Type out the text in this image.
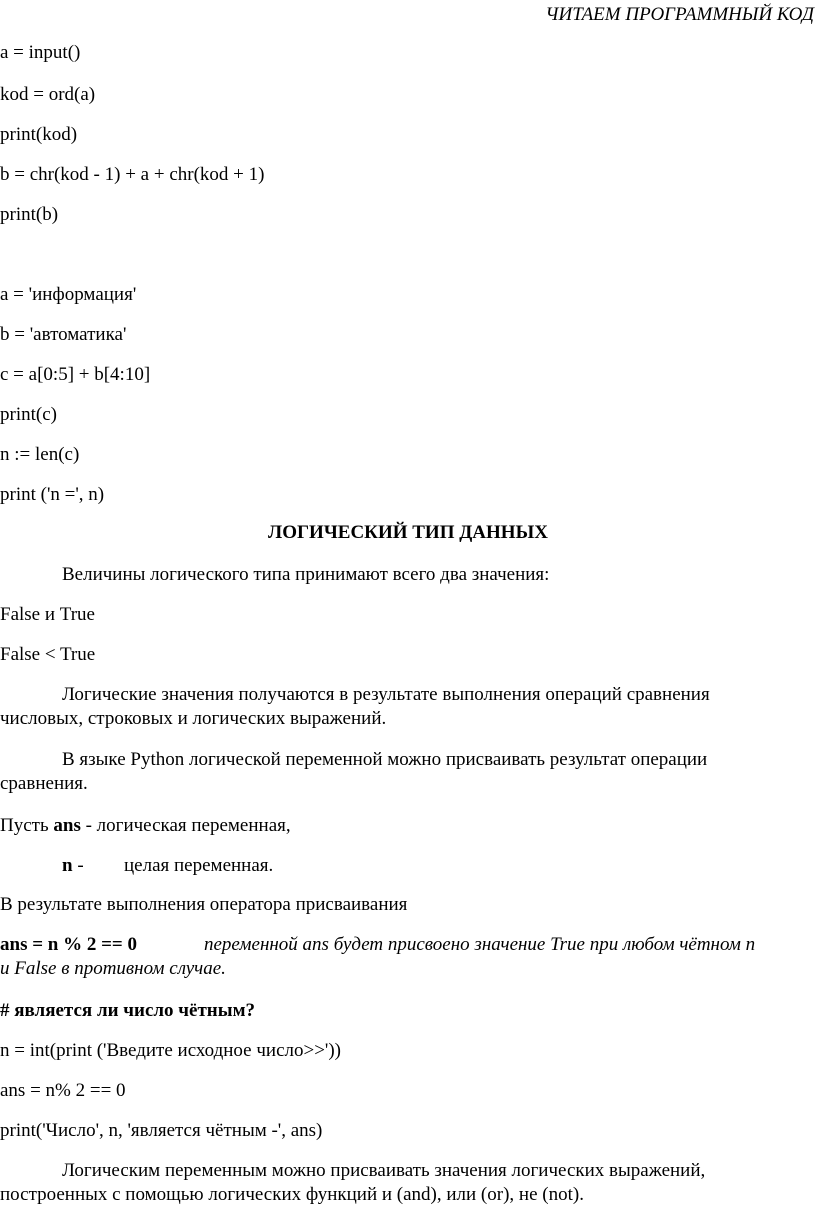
ЧИТАЕМ ПРОГРАММНЫЙ КОД
a = input()
kod = ord(a)
print(kod)
b = chr(kod - 1) + a + chr(kod + 1)
print(b)
a = 'информация'
b = 'автоматика'
c = a[0:5] + b[4:10]
print(c)
n := len(c)
print ('n =', n)
ЛОГИЧЕСКИЙ ТИП ДАННЫХ
Величины логического типа принимают всего два значения:
False и True
False < True
Логические значения получаются в результате выполнения операций сравнения
числовых, строковых и логических выражений.
В языке Python логической переменной можно присваивать результат операции
сравнения.
Пусть ans - логическая переменная,
n - целая переменная.
В результате выполнения оператора присваивания
ans = n % 2 == 0	переменной ans будет присвоено значение True при любом чётном n
и False в противном случае.
# является ли число чётным?
n = int(print ('Введите исходное число>>'))
ans = n% 2 == 0
print('Число', n, 'является чётным -', ans)
Логическим переменным можно присваивать значения логических выражений,
построенных с помощью логических функций и (and), или (or), не (not).
